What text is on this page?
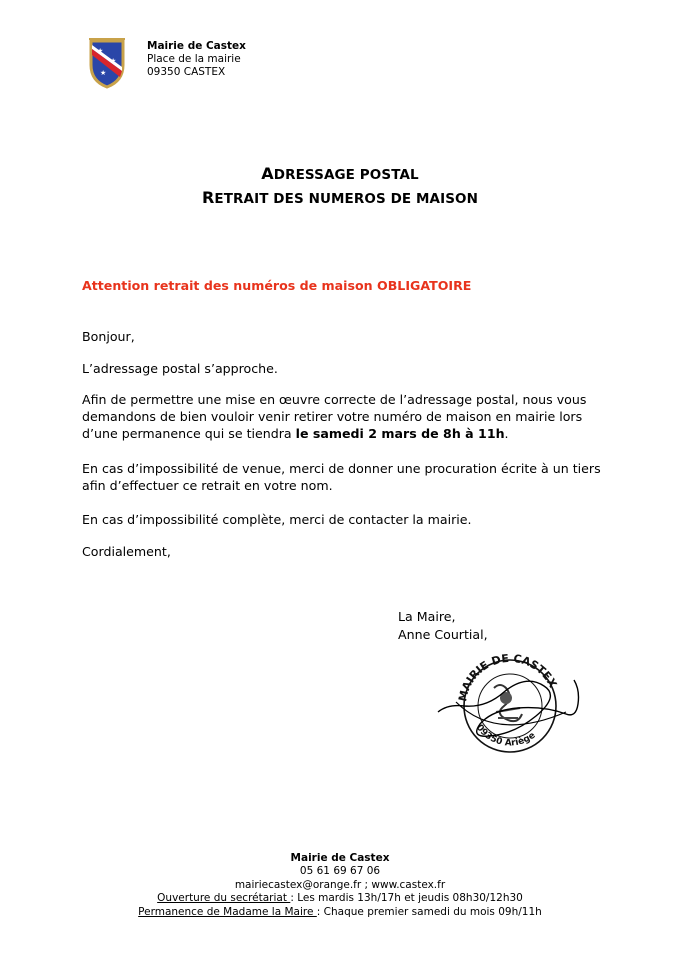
★
★
★
Mairie de Castex
Place de la mairie
09350 CASTEX
ADRESSAGE POSTAL
RETRAIT DES NUMEROS DE MAISON
Attention retrait des numéros de maison OBLIGATOIRE
Bonjour,
L’adressage postal s’approche.
Afin de permettre une mise en œuvre correcte de l’adressage postal, nous vous demandons de bien vouloir venir retirer votre numéro de maison en mairie lors d’une permanence qui se tiendra le samedi 2 mars de 8h à 11h.
En cas d’impossibilité de venue, merci de donner une procuration écrite à un tiers afin d’effectuer ce retrait en votre nom.
En cas d’impossibilité complète, merci de contacter la mairie.
Cordialement,
La Maire,
Anne Courtial,
MAIRIE DE CASTEX
09350 Ariège
Mairie de Castex
05 61 69 67 06
mairiecastex@orange.fr ; www.castex.fr
Ouverture du secrétariat : Les mardis 13h/17h et jeudis 08h30/12h30
Permanence de Madame la Maire : Chaque premier samedi du mois 09h/11h
